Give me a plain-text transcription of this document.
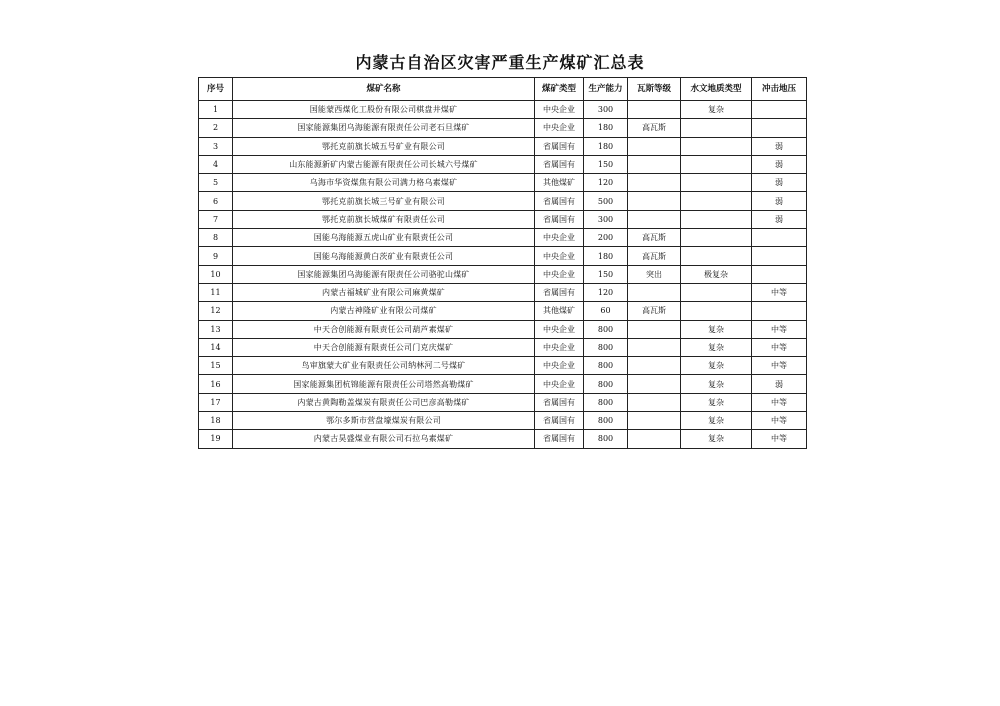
内蒙古自治区灾害严重生产煤矿汇总表
序号	煤矿名称	煤矿类型	生产能力	瓦斯等级	水文地质类型	冲击地压
1	国能蒙西煤化工股份有限公司棋盘井煤矿	中央企业	300		复杂	
2	国家能源集团乌海能源有限责任公司老石旦煤矿	中央企业	180	高瓦斯		
3	鄂托克前旗长城五号矿业有限公司	省属国有	180			弱
4	山东能源新矿内蒙古能源有限责任公司长城六号煤矿	省属国有	150			弱
5	乌海市华资煤焦有限公司满力格乌素煤矿	其他煤矿	120			弱
6	鄂托克前旗长城三号矿业有限公司	省属国有	500			弱
7	鄂托克前旗长城煤矿有限责任公司	省属国有	300			弱
8	国能乌海能源五虎山矿业有限责任公司	中央企业	200	高瓦斯		
9	国能乌海能源黄白茨矿业有限责任公司	中央企业	180	高瓦斯		
10	国家能源集团乌海能源有限责任公司骆驼山煤矿	中央企业	150	突出	极复杂	
11	内蒙古福城矿业有限公司麻黄煤矿	省属国有	120			中等
12	内蒙古神隆矿业有限公司煤矿	其他煤矿	60	高瓦斯		
13	中天合创能源有限责任公司葫芦素煤矿	中央企业	800		复杂	中等
14	中天合创能源有限责任公司门克庆煤矿	中央企业	800		复杂	中等
15	鸟审旗蒙大矿业有限责任公司纳林河二号煤矿	中央企业	800		复杂	中等
16	国家能源集团杭锦能源有限责任公司塔然高勒煤矿	中央企业	800		复杂	弱
17	内蒙古黄陶勒盖煤炭有限责任公司巴彦高勒煤矿	省属国有	800		复杂	中等
18	鄂尔多斯市营盘壕煤炭有限公司	省属国有	800		复杂	中等
19	内蒙古昊盛煤业有限公司石拉乌素煤矿	省属国有	800		复杂	中等
